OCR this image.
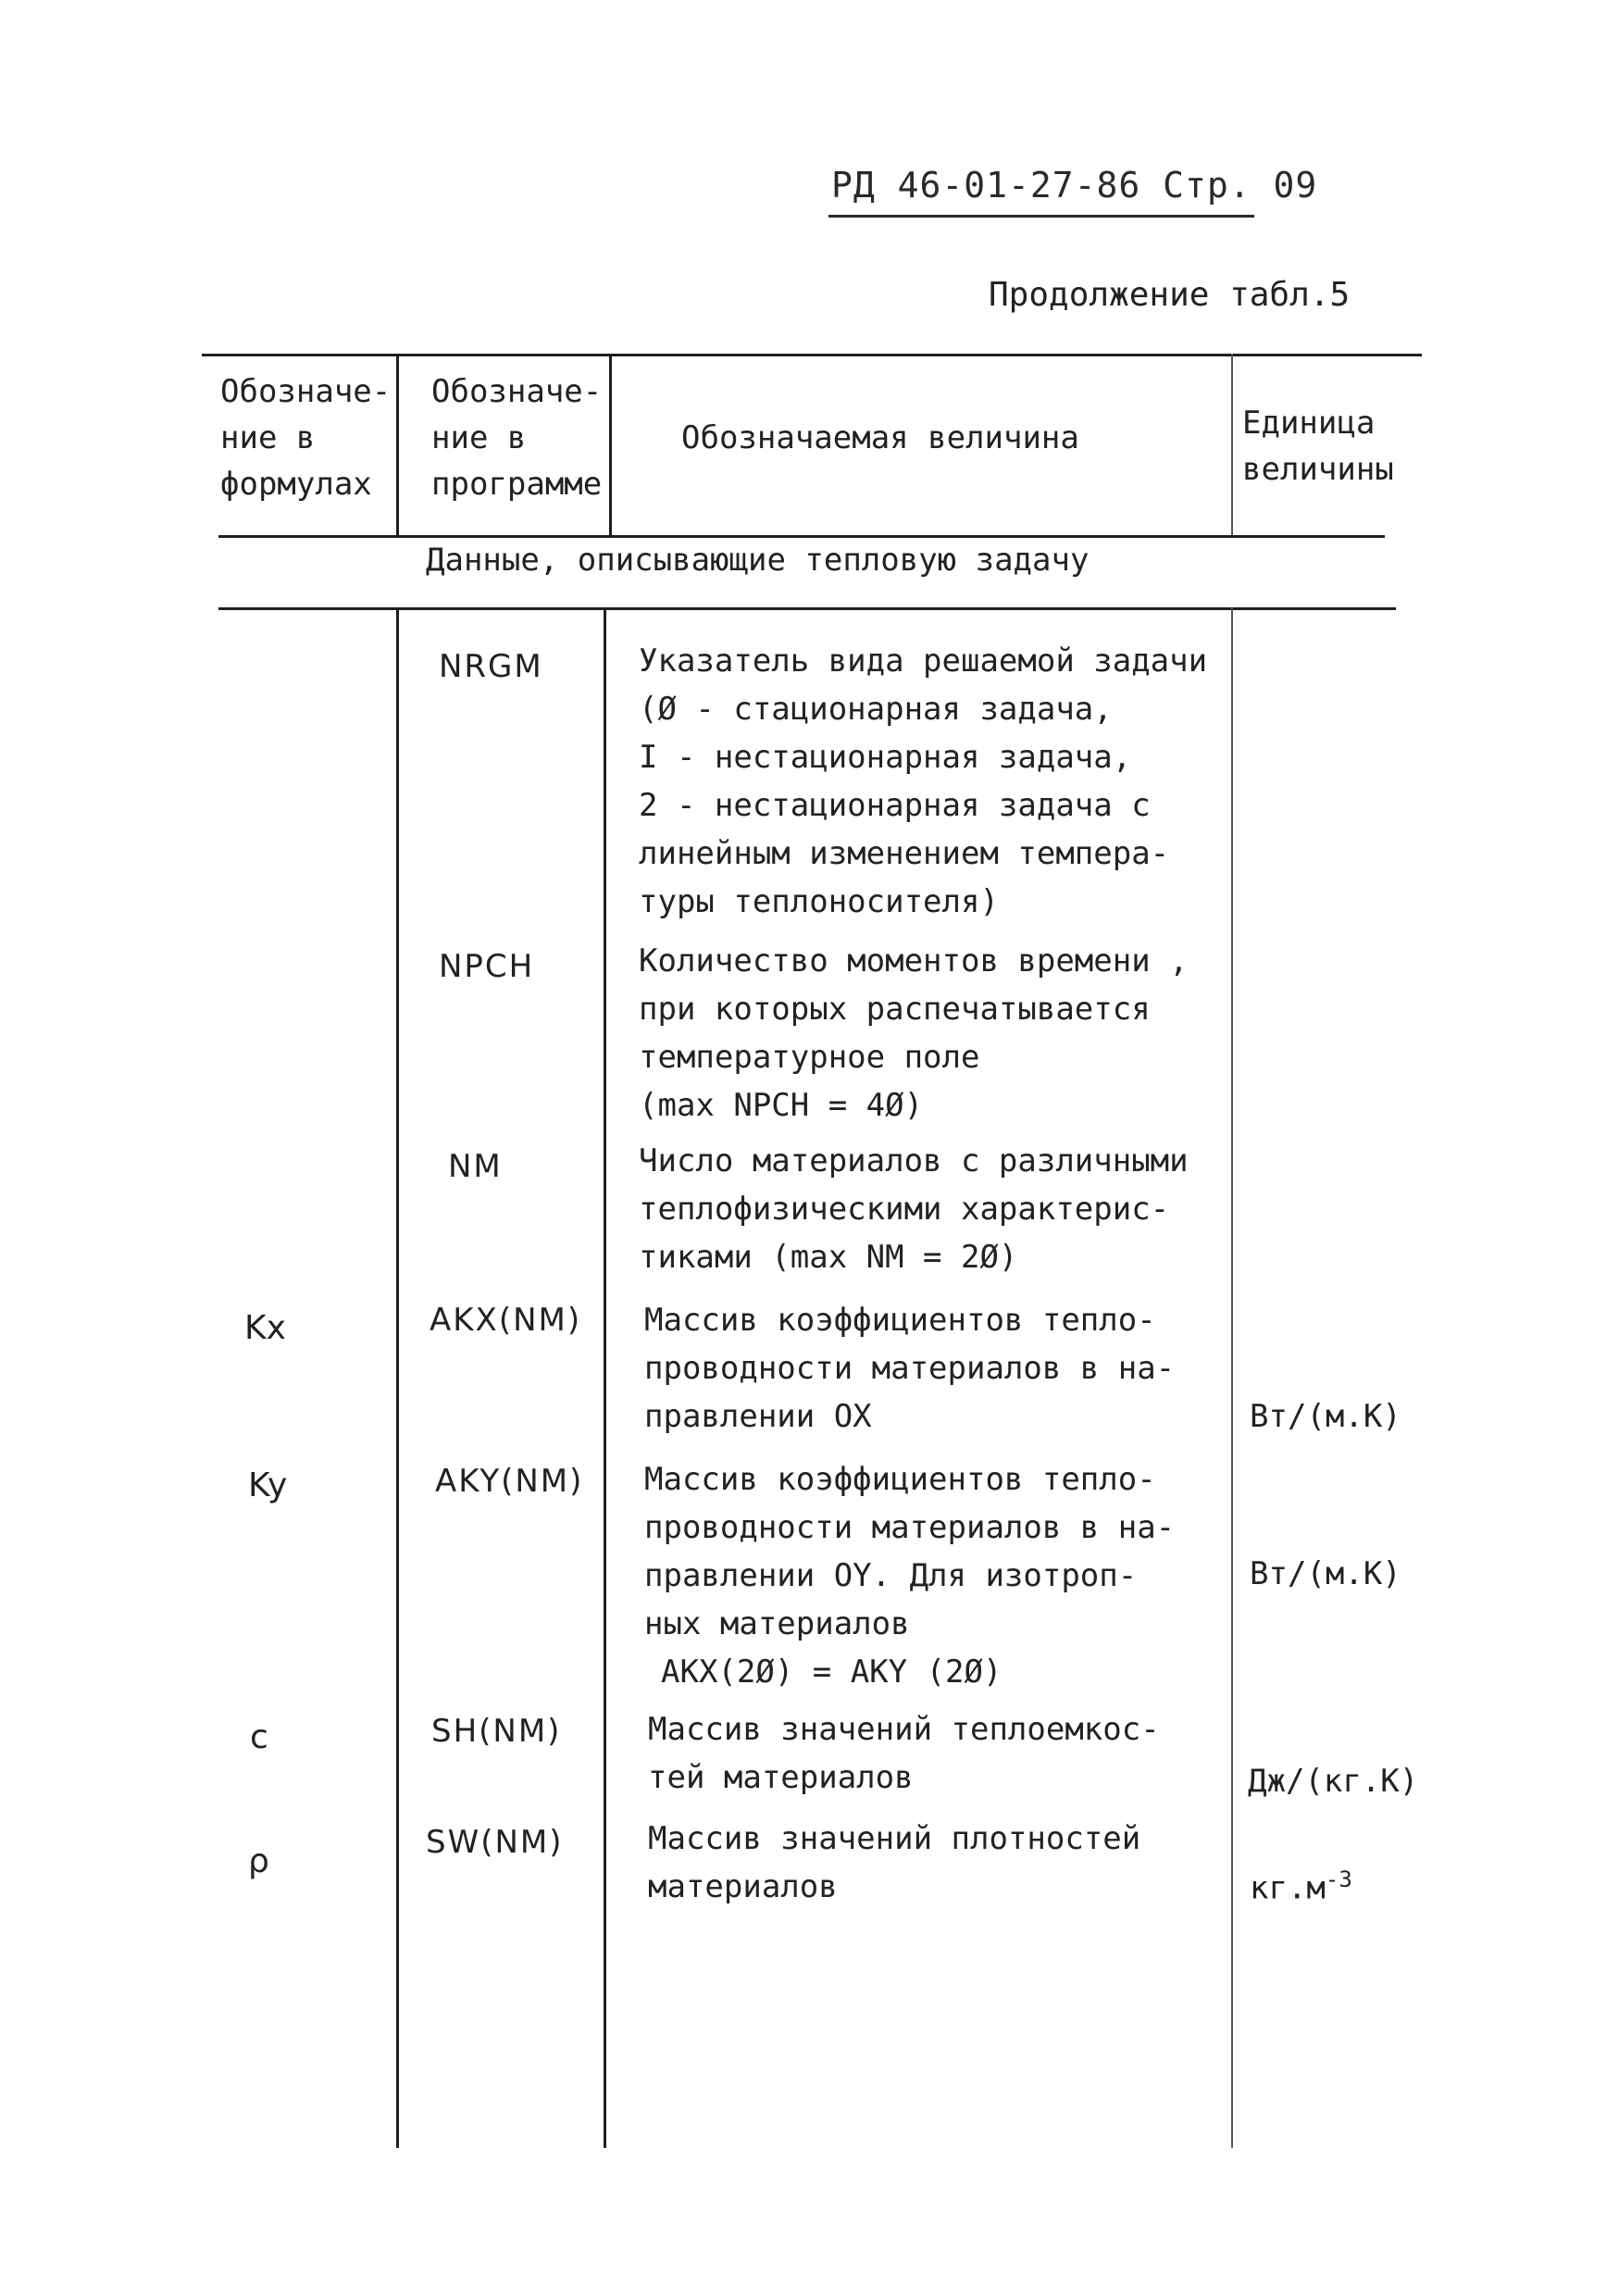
РД 46-01-27-86 Стр. 09
Продолжение табл.5
Обозначе-
ние в
формулах
Обозначе-
ние в
программе
Обозначаемая величина	Единица
величины
Данные, описывающие тепловую задачу
NRGM	Указатель вида решаемой задачи
(Ø - стационарная задача,
I - нестационарная задача,
2 - нестационарная задача с
линейным изменением темпера-
туры теплоносителя)
NPCH	Количество моментов времени ,
при которых распечатывается
температурное поле
(max NPCH = 4Ø)
NM	Число материалов с различными
теплофизическими характерис-
тиками (max NM = 2Ø)
Kx	AKX(NM) Массив коэффициентов тепло-
проводности материалов в на-
правлении OX	Вт/(м.К)
Ky	AKY(NM) Массив коэффициентов тепло-
проводности материалов в на-
правлении OY. Для изотроп-
ных материалов
AKX(2Ø) = AKY (2Ø)
Вт/(м.К)
c	SH(NM)	Массив значений теплоемкос-
тей материалов	Дж/(кг.К)
ρ	SW(NM)	Массив значений плотностей
материалов	$кг.м^{-3}$
